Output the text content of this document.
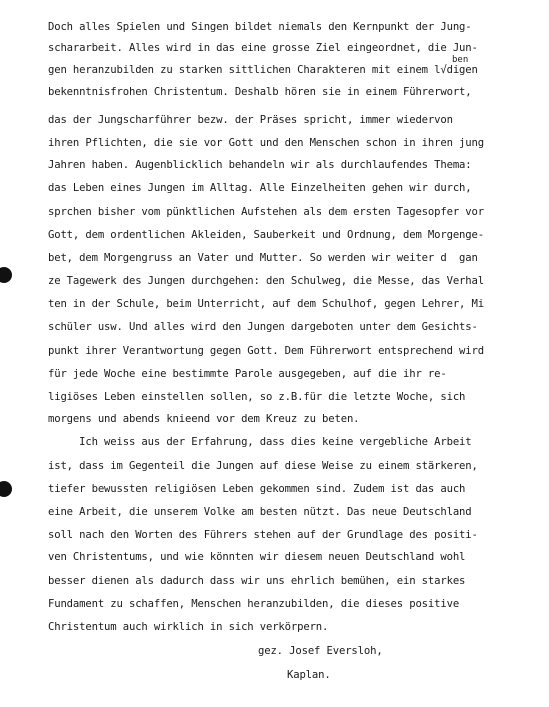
ben
Doch alles Spielen und Singen bildet niemals den Kernpunkt der Jung-
schararbeit. Alles wird in das eine grosse Ziel eingeordnet, die Jun-
gen heranzubilden zu starken sittlichen Charakteren mit einem l√digen
bekenntnisfrohen Christentum. Deshalb hören sie in einem Führerwort,
das der Jungscharführer bezw. der Präses spricht, immer wiedervon
ihren Pflichten, die sie vor Gott und den Menschen schon in ihren jung
Jahren haben. Augenblicklich behandeln wir als durchlaufendes Thema:
das Leben eines Jungen im Alltag. Alle Einzelheiten gehen wir durch,
sprchen bisher vom pünktlichen Aufstehen als dem ersten Tagesopfer vor
Gott, dem ordentlichen Akleiden, Sauberkeit und Ordnung, dem Morgenge-
bet, dem Morgengruss an Vater und Mutter. So werden wir weiter d  gan
ze Tagewerk des Jungen durchgehen: den Schulweg, die Messe, das Verhal
ten in der Schule, beim Unterricht, auf dem Schulhof, gegen Lehrer, Mi
schüler usw. Und alles wird den Jungen dargeboten unter dem Gesichts-
punkt ihrer Verantwortung gegen Gott. Dem Führerwort entsprechend wird
für jede Woche eine bestimmte Parole ausgegeben, auf die ihr re-
ligiöses Leben einstellen sollen, so z.B.für die letzte Woche, sich
morgens und abends knieend vor dem Kreuz zu beten.
Ich weiss aus der Erfahrung, dass dies keine vergebliche Arbeit
ist, dass im Gegenteil die Jungen auf diese Weise zu einem stärkeren,
tiefer bewussten religiösen Leben gekommen sind. Zudem ist das auch
eine Arbeit, die unserem Volke am besten nützt. Das neue Deutschland
soll nach den Worten des Führers stehen auf der Grundlage des positi-
ven Christentums, und wie könnten wir diesem neuen Deutschland wohl
besser dienen als dadurch dass wir uns ehrlich bemühen, ein starkes
Fundament zu schaffen, Menschen heranzubilden, die dieses positive
Christentum auch wirklich in sich verkörpern.
gez. Josef Eversloh,
Kaplan.
